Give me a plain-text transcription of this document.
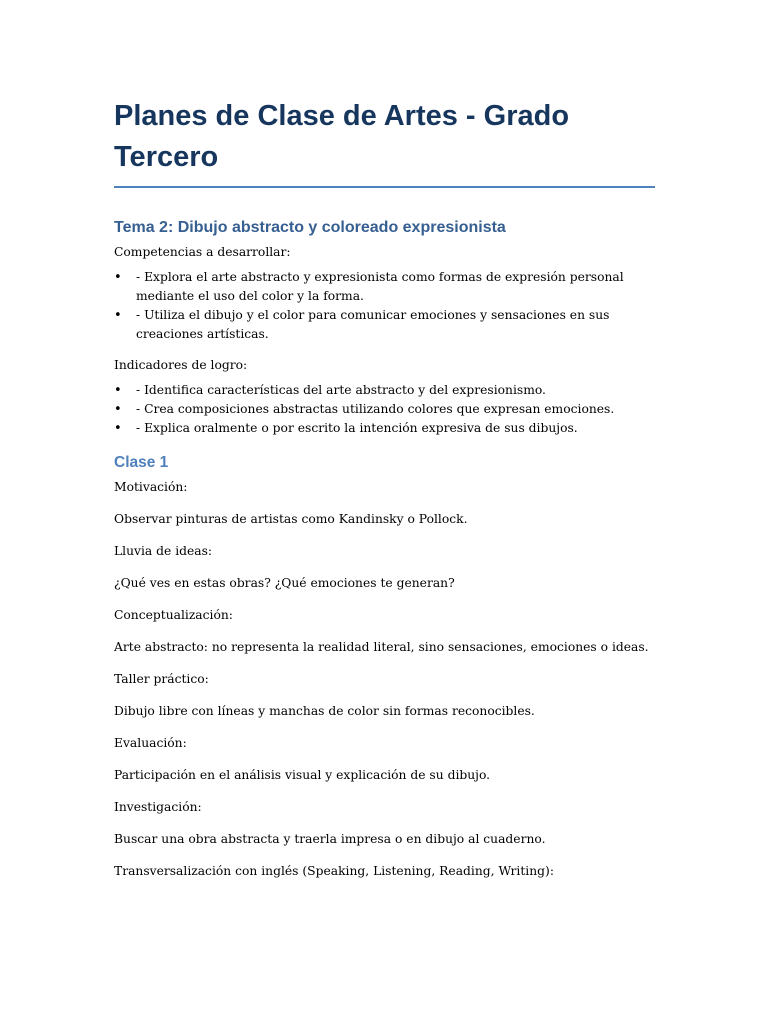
Planes de Clase de Artes - Grado Tercero
Tema 2: Dibujo abstracto y coloreado expresionista

Competencias a desarrollar:

• - Explora el arte abstracto y expresionista como formas de expresión personal mediante el uso del color y la forma.
• - Utiliza el dibujo y el color para comunicar emociones y sensaciones en sus creaciones artísticas.

Indicadores de logro:

• - Identifica características del arte abstracto y del expresionismo.
• - Crea composiciones abstractas utilizando colores que expresan emociones.
• - Explica oralmente o por escrito la intención expresiva de sus dibujos.
Clase 1

Motivación:

Observar pinturas de artistas como Kandinsky o Pollock.

Lluvia de ideas:

¿Qué ves en estas obras? ¿Qué emociones te generan?

Conceptualización:

Arte abstracto: no representa la realidad literal, sino sensaciones, emociones o ideas.

Taller práctico:

Dibujo libre con líneas y manchas de color sin formas reconocibles.

Evaluación:

Participación en el análisis visual y explicación de su dibujo.

Investigación:

Buscar una obra abstracta y traerla impresa o en dibujo al cuaderno.

Transversalización con inglés (Speaking, Listening, Reading, Writing):
